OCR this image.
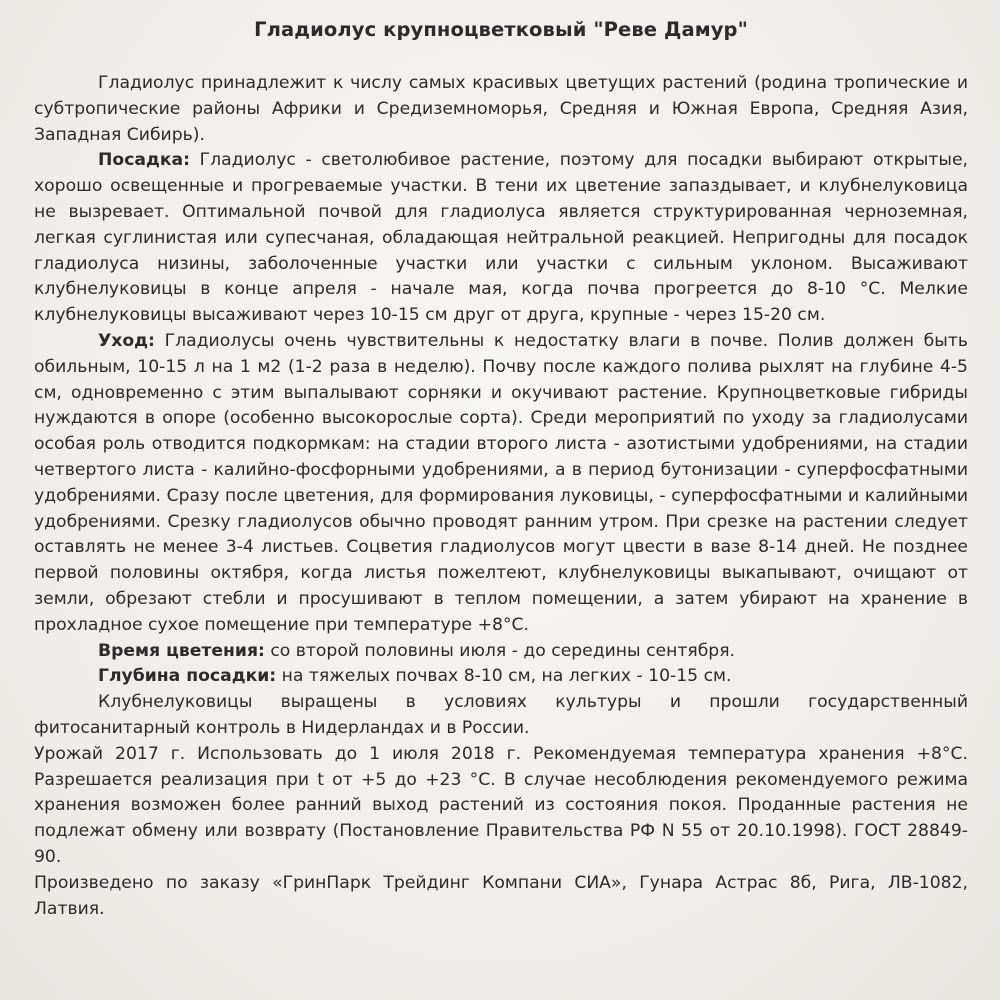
Гладиолус крупноцветковый "Реве Дамур"

Гладиолус принадлежит к числу самых красивых цветущих растений (родина тропические и субтропические районы Африки и Средиземноморья, Средняя и Южная Европа, Средняя Азия, Западная Сибирь).

Посадка: Гладиолус - светолюбивое растение, поэтому для посадки выбирают открытые, хорошо освещенные и прогреваемые участки. В тени их цветение запаздывает, и клубнелуковица не вызревает. Оптимальной почвой для гладиолуса является структурированная черноземная, легкая суглинистая или супесчаная, обладающая нейтральной реакцией. Непригодны для посадок гладиолуса низины, заболоченные участки или участки с сильным уклоном. Высаживают клубнелуковицы в конце апреля - начале мая, когда почва прогреется до 8-10 °С. Мелкие клубнелуковицы высаживают через 10-15 см друг от друга, крупные - через 15-20 см.

Уход: Гладиолусы очень чувствительны к недостатку влаги в почве. Полив должен быть обильным, 10-15 л на 1 м2 (1-2 раза в неделю). Почву после каждого полива рыхлят на глубине 4-5 см, одновременно с этим выпалывают сорняки и окучивают растение. Крупноцветковые гибриды нуждаются в опоре (особенно высокорослые сорта). Среди мероприятий по уходу за гладиолусами особая роль отводится подкормкам: на стадии второго листа - азотистыми удобрениями, на стадии четвертого листа - калийно-фосфорными удобрениями, а в период бутонизации - суперфосфатными удобрениями. Сразу после цветения, для формирования луковицы, - суперфосфатными и калийными удобрениями. Срезку гладиолусов обычно проводят ранним утром. При срезке на растении следует оставлять не менее 3-4 листьев. Соцветия гладиолусов могут цвести в вазе 8-14 дней. Не позднее первой половины октября, когда листья пожелтеют, клубнелуковицы выкапывают, очищают от земли, обрезают стебли и просушивают в теплом помещении, а затем убирают на хранение в прохладное сухое помещение при температуре +8°С.

Время цветения: со второй половины июля - до середины сентября.

Глубина посадки: на тяжелых почвах 8-10 см, на легких - 10-15 см.

Клубнелуковицы выращены в условиях культуры и прошли государственный фитосанитарный контроль в Нидерландах и в России.

Урожай 2017 г. Использовать до 1 июля 2018 г. Рекомендуемая температура хранения +8°С. Разрешается реализация при t от +5 до +23 °С. В случае несоблюдения рекомендуемого режима хранения возможен более ранний выход растений из состояния покоя. Проданные растения не подлежат обмену или возврату (Постановление Правительства РФ N 55 от 20.10.1998). ГОСТ 28849-90.

Произведено по заказу «ГринПарк Трейдинг Компани СИА», Гунара Астрас 8б, Рига, ЛВ-1082, Латвия.
